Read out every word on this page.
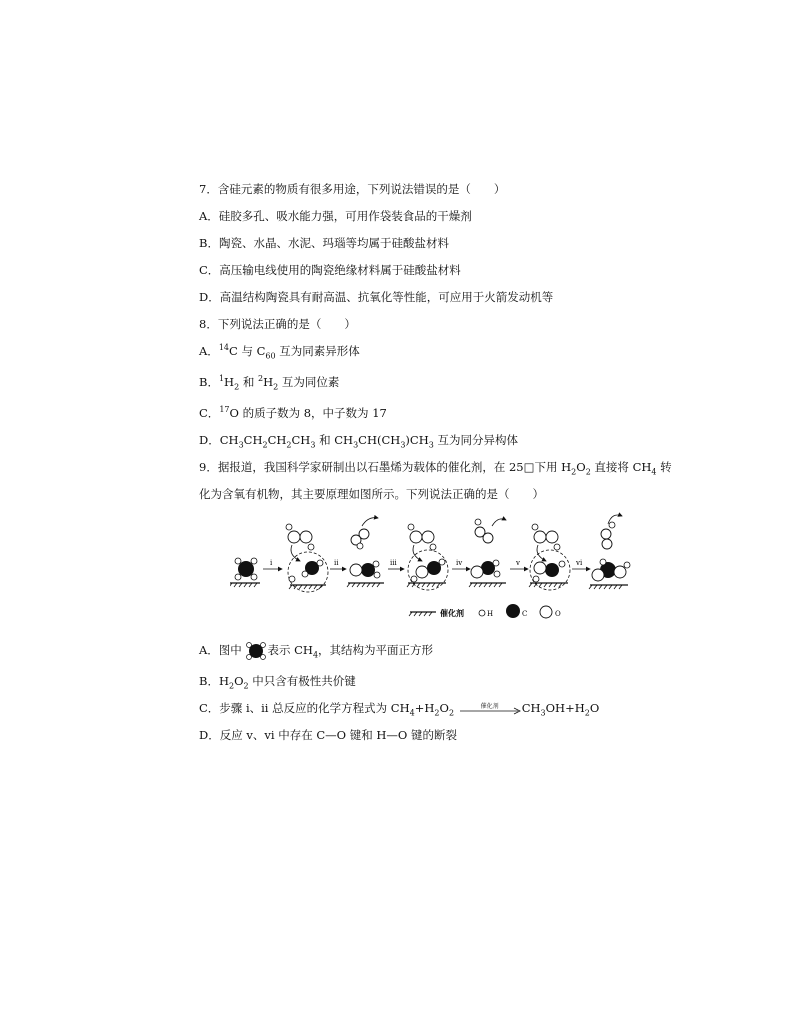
7．含硅元素的物质有很多用途，下列说法错误的是（　　）
A．硅胶多孔、吸水能力强，可用作袋装食品的干燥剂
B．陶瓷、水晶、水泥、玛瑙等均属于硅酸盐材料
C．高压输电线使用的陶瓷绝缘材料属于硅酸盐材料
D．高温结构陶瓷具有耐高温、抗氧化等性能，可应用于火箭发动机等
8．下列说法正确的是（　　）
A．$^{14}$C 与 $C_{60}$ 互为同素异形体
B．$^1H_2$ 和 $^2H_2$ 互为同位素
C．$^{17}$O 的质子数为 8，中子数为 17
D．$CH_3CH_2CH_2CH_3$ 和 $CH_3CH(CH_3)CH_3$ 互为同分异构体
9．据报道，我国科学家研制出以石墨烯为载体的催化剂，在 25□下用 $H_2O_2$ 直接将 $CH_4$ 转
化为含氧有机物，其主要原理如图所示。下列说法正确的是（　　）
i	ii	iii	iv	v	vi
催化剂	H	C	O
A．图中 表示 $CH_4$，其结构为平面正方形
B．$H_2O_2$ 中只含有极性共价键
C．步骤 i、ii 总反应的化学方程式为 $CH_4+H_2O_2$
催化剂	$CH_3OH+H_2O$
D．反应 v、vi 中存在 C—O 键和 H—O 键的断裂
